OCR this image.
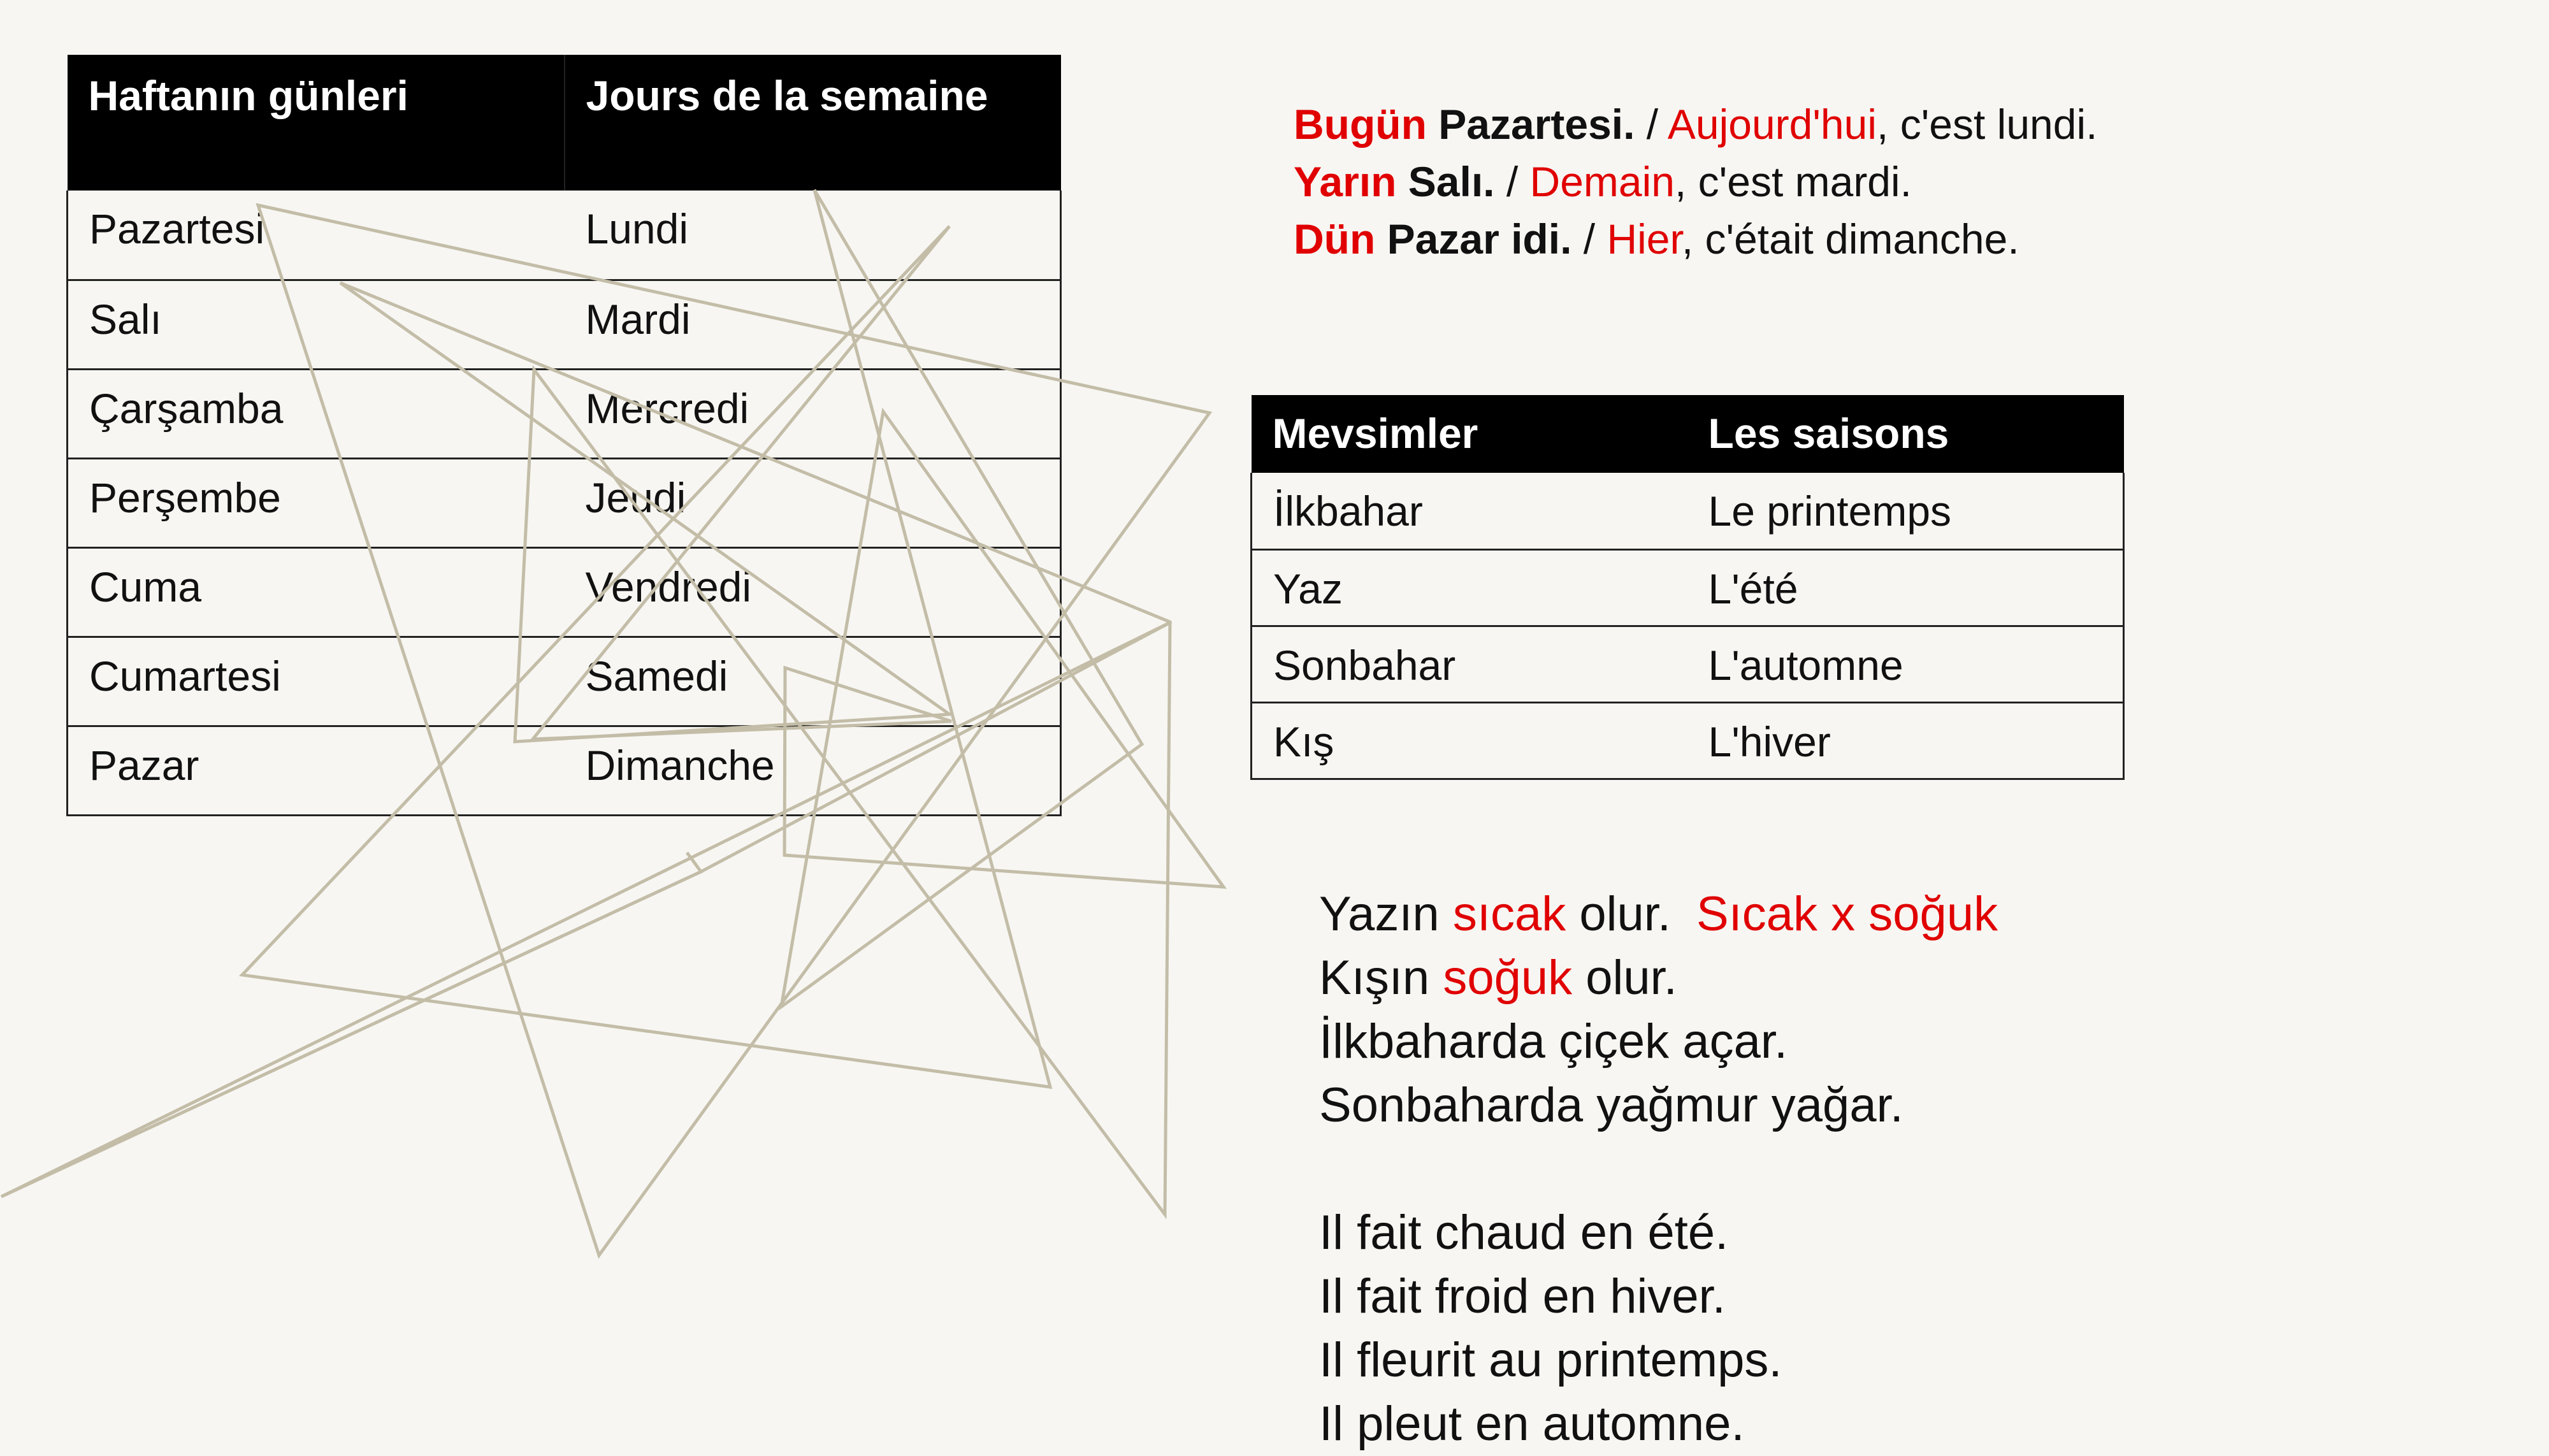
Haftanın günleri	Jours de la semaine
Pazartesi	Lundi
Salı	Mardi
Çarşamba	Mercredi
Perşembe	Jeudi
Cuma	Vendredi
Cumartesi	Samedi
Pazar	Dimanche
Bugün Pazartesi. / Aujourd'hui, c'est lundi.
Yarın Salı. / Demain, c'est mardi.
Dün Pazar idi. / Hier, c'était dimanche.
Mevsimler	Les saisons
İlkbahar	Le printemps
Yaz	L'été
Sonbahar	L'automne
Kış	L'hiver
Yazın sıcak olur. Sıcak x soğuk
Kışın soğuk olur.
İlkbaharda çiçek açar.
Sonbaharda yağmur yağar.
Il fait chaud en été.
Il fait froid en hiver.
Il fleurit au printemps.
Il pleut en automne.
